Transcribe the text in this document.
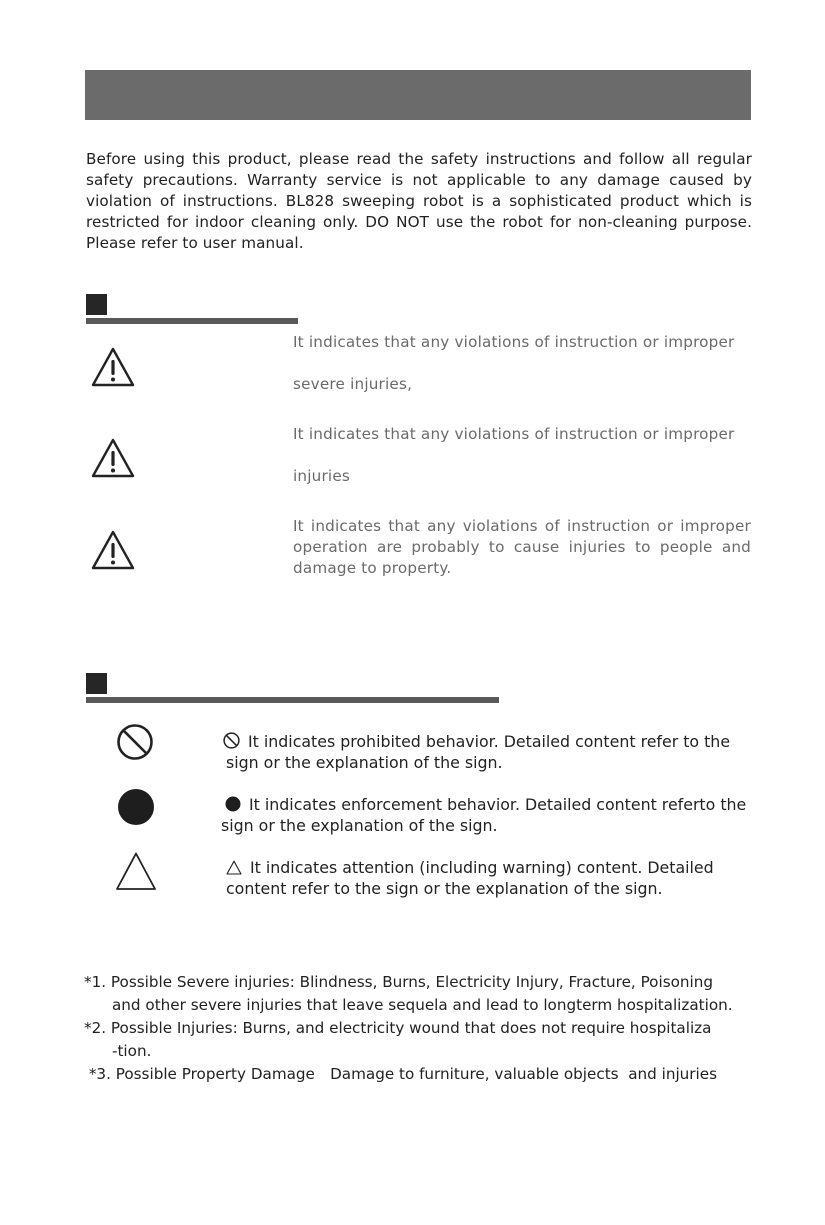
Before using this product, please read the safety instructions and follow all regular safety precautions. Warranty service is not applicable to any damage caused by violation of instructions. BL828 sweeping robot is a sophisticated product which is restricted for indoor cleaning only. DO NOT use the robot for non-cleaning purpose. Please refer to user manual.
It indicates that any violations of instruction or improper
severe injuries,
It indicates that any violations of instruction or improper
injuries
It indicates that any violations of instruction or improper operation are probably to cause injuries to people and damage to property.
It indicates prohibited behavior. Detailed content refer to the
sign or the explanation of the sign.
It indicates enforcement behavior. Detailed content referto the
sign or the explanation of the sign.
It indicates attention (including warning) content. Detailed
content refer to the sign or the explanation of the sign.
*1. Possible Severe injuries: Blindness, Burns, Electricity Injury, Fracture, Poisoning
and other severe injuries that leave sequela and lead to longterm hospitalization.
*2. Possible Injuries: Burns, and electricity wound that does not require hospitaliza
-tion.
*3. Possible Property Damage Damage to furniture, valuable objects  and injuries
